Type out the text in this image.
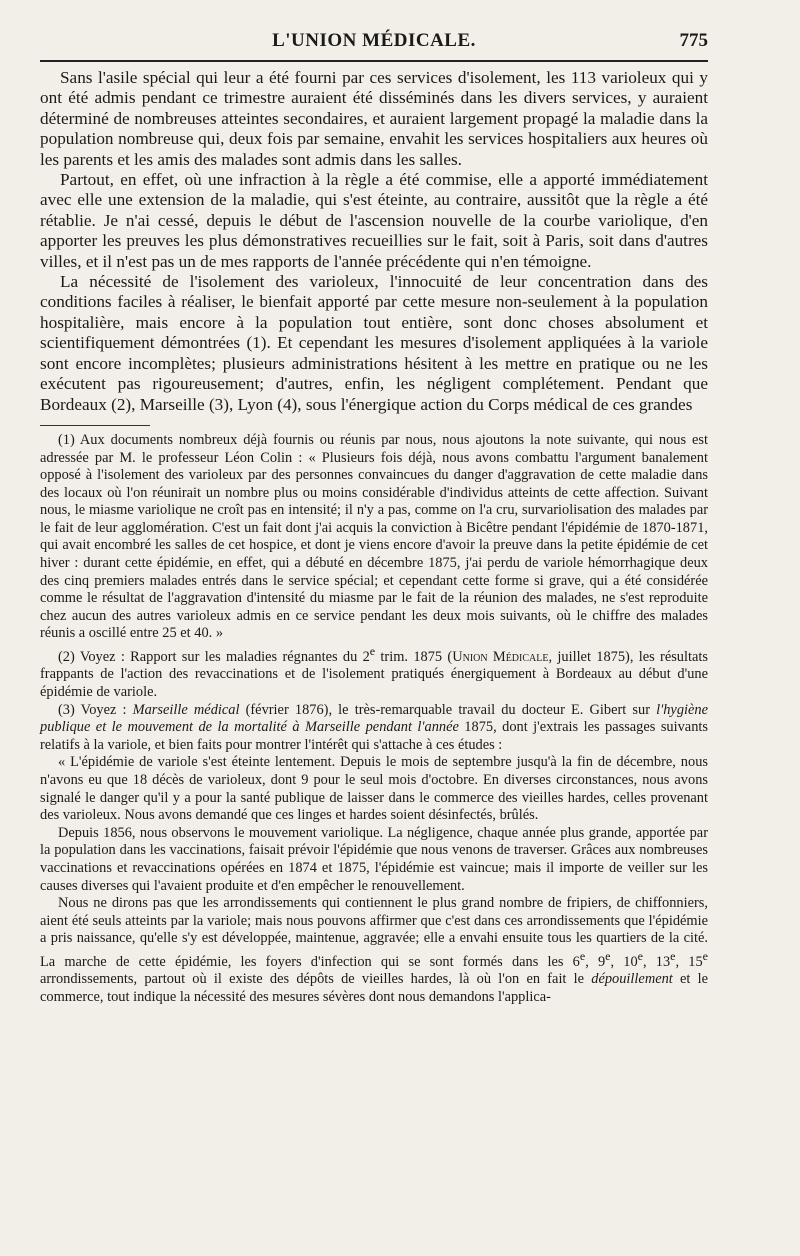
L'UNION MÉDICALE.	775

Sans l'asile spécial qui leur a été fourni par ces services d'isolement, les 113 varioleux qui y ont été admis pendant ce trimestre auraient été disséminés dans les divers services, y auraient déterminé de nombreuses atteintes secondaires, et auraient largement propagé la maladie dans la population nombreuse qui, deux fois par semaine, envahit les services hospitaliers aux heures où les parents et les amis des malades sont admis dans les salles.

Partout, en effet, où une infraction à la règle a été commise, elle a apporté immédiatement avec elle une extension de la maladie, qui s'est éteinte, au contraire, aussitôt que la règle a été rétablie. Je n'ai cessé, depuis le début de l'ascension nouvelle de la courbe variolique, d'en apporter les preuves les plus démonstratives recueillies sur le fait, soit à Paris, soit dans d'autres villes, et il n'est pas un de mes rapports de l'année précédente qui n'en témoigne.

La nécessité de l'isolement des varioleux, l'innocuité de leur concentration dans des conditions faciles à réaliser, le bienfait apporté par cette mesure non-seulement à la population hospitalière, mais encore à la population tout entière, sont donc choses absolument et scientifiquement démontrées (1). Et cependant les mesures d'isolement appliquées à la variole sont encore incomplètes; plusieurs administrations hésitent à les mettre en pratique ou ne les exécutent pas rigoureusement; d'autres, enfin, les négligent complétement. Pendant que Bordeaux (2), Marseille (3), Lyon (4), sous l'énergique action du Corps médical de ces grandes

(1) Aux documents nombreux déjà fournis ou réunis par nous, nous ajoutons la note suivante, qui nous est adressée par M. le professeur Léon Colin : « Plusieurs fois déjà, nous avons combattu l'argument banalement opposé à l'isolement des varioleux par des personnes convaincues du danger d'aggravation de cette maladie dans des locaux où l'on réunirait un nombre plus ou moins considérable d'individus atteints de cette affection. Suivant nous, le miasme variolique ne croît pas en intensité; il n'y a pas, comme on l'a cru, survariolisation des malades par le fait de leur agglomération. C'est un fait dont j'ai acquis la conviction à Bicêtre pendant l'épidémie de 1870-1871, qui avait encombré les salles de cet hospice, et dont je viens encore d'avoir la preuve dans la petite épidémie de cet hiver : durant cette épidémie, en effet, qui a débuté en décembre 1875, j'ai perdu de variole hémorrhagique deux des cinq premiers malades entrés dans le service spécial; et cependant cette forme si grave, qui a été considérée comme le résultat de l'aggravation d'intensité du miasme par le fait de la réunion des malades, ne s'est reproduite chez aucun des autres varioleux admis en ce service pendant les deux mois suivants, où le chiffre des malades réunis a oscillé entre 25 et 40. »

(2) Voyez : Rapport sur les maladies régnantes du 2e trim. 1875 (Union Médicale, juillet 1875), les résultats frappants de l'action des revaccinations et de l'isolement pratiqués énergiquement à Bordeaux au début d'une épidémie de variole.

(3) Voyez : Marseille médical (février 1876), le très-remarquable travail du docteur E. Gibert sur l'hygiène publique et le mouvement de la mortalité à Marseille pendant l'année 1875, dont j'extrais les passages suivants relatifs à la variole, et bien faits pour montrer l'intérêt qui s'attache à ces études :

« L'épidémie de variole s'est éteinte lentement. Depuis le mois de septembre jusqu'à la fin de décembre, nous n'avons eu que 18 décès de varioleux, dont 9 pour le seul mois d'octobre. En diverses circonstances, nous avons signalé le danger qu'il y a pour la santé publique de laisser dans le commerce des vieilles hardes, celles provenant des varioleux. Nous avons demandé que ces linges et hardes soient désinfectés, brûlés.

Depuis 1856, nous observons le mouvement variolique. La négligence, chaque année plus grande, apportée par la population dans les vaccinations, faisait prévoir l'épidémie que nous venons de traverser. Grâces aux nombreuses vaccinations et revaccinations opérées en 1874 et 1875, l'épidémie est vaincue; mais il importe de veiller sur les causes diverses qui l'avaient produite et d'en empêcher le renouvellement.

Nous ne dirons pas que les arrondissements qui contiennent le plus grand nombre de fripiers, de chiffonniers, aient été seuls atteints par la variole; mais nous pouvons affirmer que c'est dans ces arrondissements que l'épidémie a pris naissance, qu'elle s'y est développée, maintenue, aggravée; elle a envahi ensuite tous les quartiers de la cité. La marche de cette épidémie, les foyers d'infection qui se sont formés dans les 6e, 9e, 10e, 13e, 15e arrondissements, partout où il existe des dépôts de vieilles hardes, là où l'on en fait le dépouillement et le commerce, tout indique la nécessité des mesures sévères dont nous demandons l'applica-
